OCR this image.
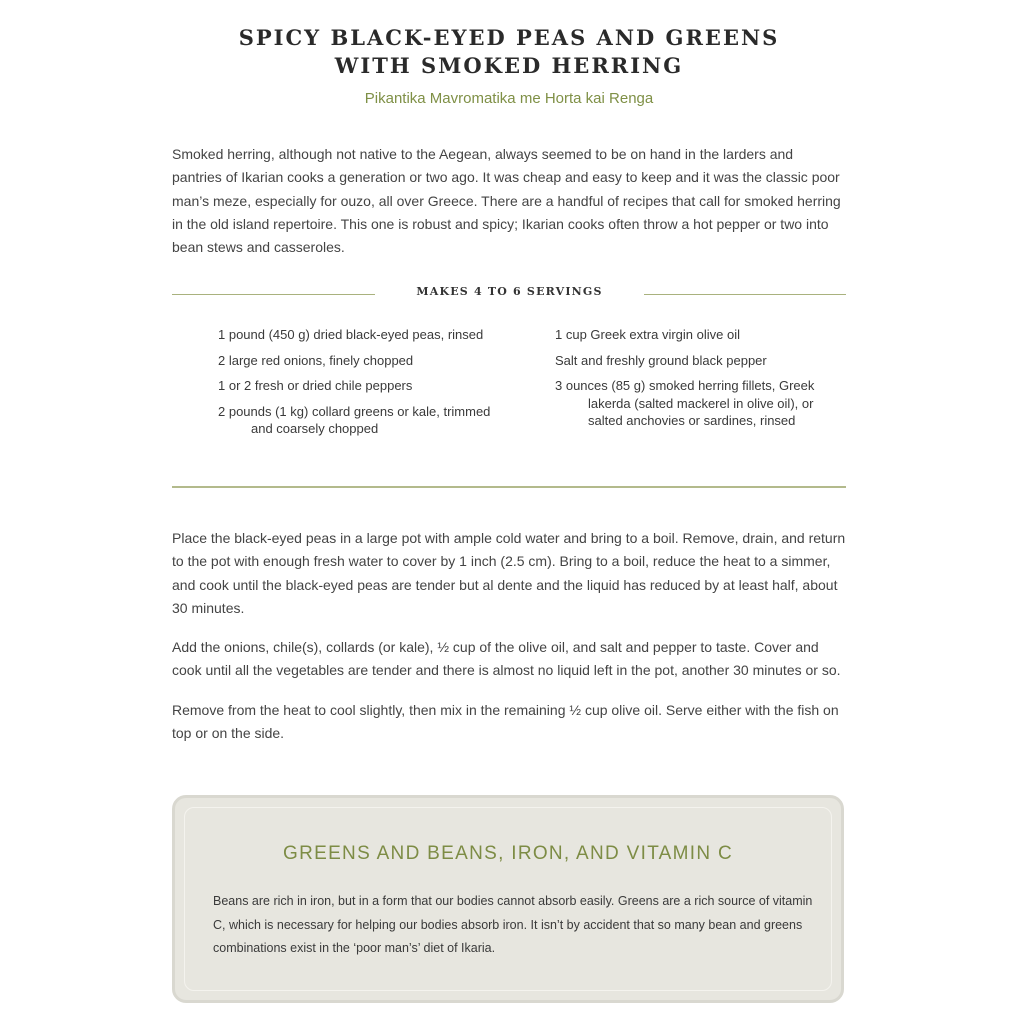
SPICY BLACK-EYED PEAS AND GREENS
WITH SMOKED HERRING
Pikantika Mavromatika me Horta kai Renga
Smoked herring, although not native to the Aegean, always seemed to be on hand in the larders and pantries of Ikarian cooks a generation or two ago. It was cheap and easy to keep and it was the classic poor man’s meze, especially for ouzo, all over Greece. There are a handful of recipes that call for smoked herring in the old island repertoire. This one is robust and spicy; Ikarian cooks often throw a hot pepper or two into bean stews and casseroles.
MAKES 4 TO 6 SERVINGS
1 pound (450 g) dried black-eyed peas, rinsed
2 large red onions, finely chopped
1 or 2 fresh or dried chile peppers
2 pounds (1 kg) collard greens or kale, trimmed and coarsely chopped
1 cup Greek extra virgin olive oil
Salt and freshly ground black pepper
3 ounces (85 g) smoked herring fillets, Greek lakerda (salted mackerel in olive oil), or salted anchovies or sardines, rinsed

Place the black-eyed peas in a large pot with ample cold water and bring to a boil. Remove, drain, and return to the pot with enough fresh water to cover by 1 inch (2.5 cm). Bring to a boil, reduce the heat to a simmer, and cook until the black-eyed peas are tender but al dente and the liquid has reduced by at least half, about 30 minutes.

Add the onions, chile(s), collards (or kale), ½ cup of the olive oil, and salt and pepper to taste. Cover and cook until all the vegetables are tender and there is almost no liquid left in the pot, another 30 minutes or so.

Remove from the heat to cool slightly, then mix in the remaining ½ cup olive oil. Serve either with the fish on top or on the side.

GREENS AND BEANS, IRON, AND VITAMIN C
Beans are rich in iron, but in a form that our bodies cannot absorb easily. Greens are a rich source of vitamin C, which is necessary for helping our bodies absorb iron. It isn’t by accident that so many bean and greens combinations exist in the ‘poor man’s’ diet of Ikaria.
